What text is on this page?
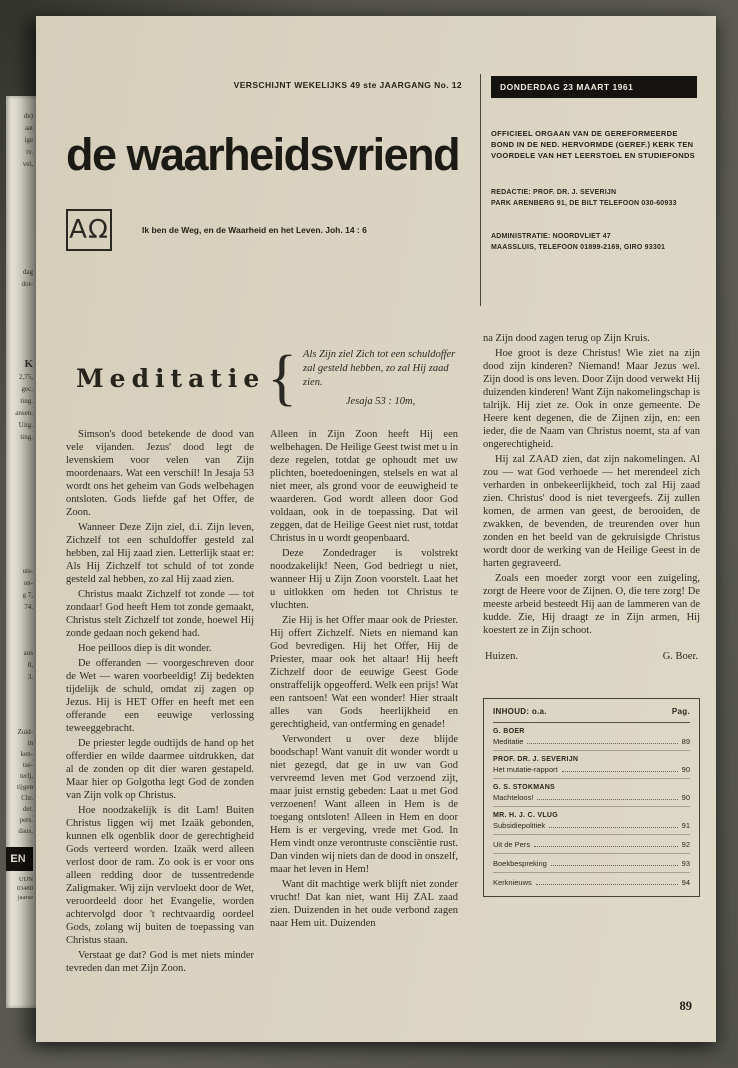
de)
aat
ige
tv.
vel,
dag
dor-
K
2,75,
gec.
ting.
ansen.
Uitg.
ting.
uis-
on-
g 7,
74.
aus
0,
3.
Zuid-
in
ken-
tse-
terlj,
tijgen
Chr.
der.
pers.
daus.
EN
UIJN
03480
jaarse
VERSCHIJNT WEKELIJKS 49 ste JAARGANG No. 12
de waarheidsvriend
ΑΩ	Ik ben de Weg, en de Waarheid en het Leven. Joh. 14 : 6
DONDERDAG 23 MAART 1961
OFFICIEEL ORGAAN VAN DE GEREFORMEERDE
BOND IN DE NED. HERVORMDE (GEREF.) KERK TEN
VOORDELE VAN HET LEERSTOEL EN STUDIEFONDS
REDACTIE: PROF. DR. J. SEVERIJN
PARK ARENBERG 91, DE BILT TELEFOON 030-60933
ADMINISTRATIE: NOORDVLIET 47
MAASSLUIS, TELEFOON 01899-2169, GIRO 93301
Meditatie { Als Zijn ziel Zich tot een schuldoffer zal gesteld hebben, zo zal Hij zaad zien.
Jesaja 53 : 10m,

Simson's dood betekende de dood van vele vijanden. Jezus' dood legt de levenskiem voor velen van Zijn moordenaars. Wat een verschil! In Jesaja 53 wordt ons het geheim van Gods welbehagen ontsloten. Gods liefde gaf het Offer, de Zoon.

Wanneer Deze Zijn ziel, d.i. Zijn leven, Zichzelf tot een schuldoffer gesteld zal hebben, zal Hij zaad zien. Letterlijk staat er: Als Hij Zichzelf tot schuld of tot zonde gesteld zal hebben, zo zal Hij zaad zien.

Christus maakt Zichzelf tot zonde — tot zondaar! God heeft Hem tot zonde gemaakt, Christus stelt Zichzelf tot zonde, hoewel Hij zonde gedaan noch gekend had.

Hoe peilloos diep is dit wonder.

De offeranden — voorgeschreven door de Wet — waren voorbeeldig! Zij bedekten tijdelijk de schuld, omdat zij zagen op Jezus. Hij is HET Offer en heeft met een offerande een eeuwige verlossing teweeggebracht.

De priester legde oudtijds de hand op het offerdier en wilde daarmee uitdrukken, dat al de zonden op dit dier waren gestapeld. Maar hier op Golgotha legt God de zonden van Zijn volk op Christus.

Hoe noodzakelijk is dit Lam! Buiten Christus liggen wij met Izaäk gebonden, kunnen elk ogenblik door de gerechtigheid Gods verteerd worden. Izaäk werd alleen verlost door de ram. Zo ook is er voor ons alleen redding door de tussentredende Zaligmaker. Wij zijn vervloekt door de Wet, veroordeeld door het Evangelie, worden achtervolgd door 't rechtvaardig oordeel Gods, zolang wij buiten de toepassing van Christus staan.

Verstaat ge dat? God is met niets minder tevreden dan met Zijn Zoon.

Alleen in Zijn Zoon heeft Hij een welbehagen. De Heilige Geest twist met u in deze regelen, totdat ge ophoudt met uw plichten, boetedoeningen, stelsels en wat al niet meer, als grond voor de eeuwigheid te waarderen. God wordt alleen door God voldaan, ook in de toepassing. Dat wil zeggen, dat de Heilige Geest niet rust, totdat Christus in u wordt geopenbaard.

Deze Zondedrager is volstrekt noodzakelijk! Neen, God bedriegt u niet, wanneer Hij u Zijn Zoon voorstelt. Laat het u uitlokken om heden tot Christus te vluchten.

Zie Hij is het Offer maar ook de Priester. Hij offert Zichzelf. Niets en niemand kan God bevredigen. Hij het Offer, Hij de Priester, maar ook het altaar! Hij heeft Zichzelf door de eeuwige Geest Gode onstraffelijk opgeofferd. Welk een prijs! Wat een rantsoen! Wat een wonder! Hier straalt alles van Gods heerlijkheid en gerechtigheid, van ontferming en genade!

Verwondert u over deze blijde boodschap! Want vanuit dit wonder wordt u niet gezegd, dat ge in uw van God vervreemd leven met God verzoend zijt, maar juist ernstig gebeden: Laat u met God verzoenen! Want alleen in Hem is de toegang ontsloten! Alleen in Hem en door Hem is er vergeving, vrede met God. In Hem vindt onze verontruste consciëntie rust. Dan vinden wij niets dan de dood in onszelf, maar het leven in Hem!

Want dit machtige werk blijft niet zonder vrucht! Dat kan niet, want Hij ZAL zaad zien. Duizenden in het oude verbond zagen naar Hem uit. Duizenden

na Zijn dood zagen terug op Zijn Kruis.

Hoe groot is deze Christus! Wie ziet na zijn dood zijn kinderen? Niemand! Maar Jezus wel. Zijn dood is ons leven. Door Zijn dood verwekt Hij duizenden kinderen! Want Zijn nakomelingschap is talrijk. Hij ziet ze. Ook in onze gemeente. De Heere kent degenen, die de Zijnen zijn, en: een ieder, die de Naam van Christus noemt, sta af van ongerechtigheid.

Hij zal ZAAD zien, dat zijn nakomelingen. Al zou — wat God verhoede — het merendeel zich verharden in onbekeerlijkheid, toch zal Hij zaad zien. Christus' dood is niet tevergeefs. Zij zullen komen, de armen van geest, de berooiden, de zwakken, de bevenden, de treurenden over hun zonden en het beeld van de gekruisigde Christus wordt door de werking van de Heilige Geest in de harten gegraveerd.

Zoals een moeder zorgt voor een zuigeling, zorgt de Heere voor de Zijnen. O, die tere zorg! De meeste arbeid besteedt Hij aan de lammeren van de kudde. Zie, Hij draagt ze in Zijn armen, Hij koestert ze in Zijn schoot.

Huizen.	G. Boer.
INHOUD: o.a.	Pag.
G. BOER
Meditatie	89
PROF. DR. J. SEVERIJN
Het mutatie-rapport	90
G. S. STOKMANS
Machteloos!	90
MR. H. J. C. VLUG
Subsidiepolitiek	91
Uit de Pers	92
Boekbespreking	93
Kerknieuws	94
89
